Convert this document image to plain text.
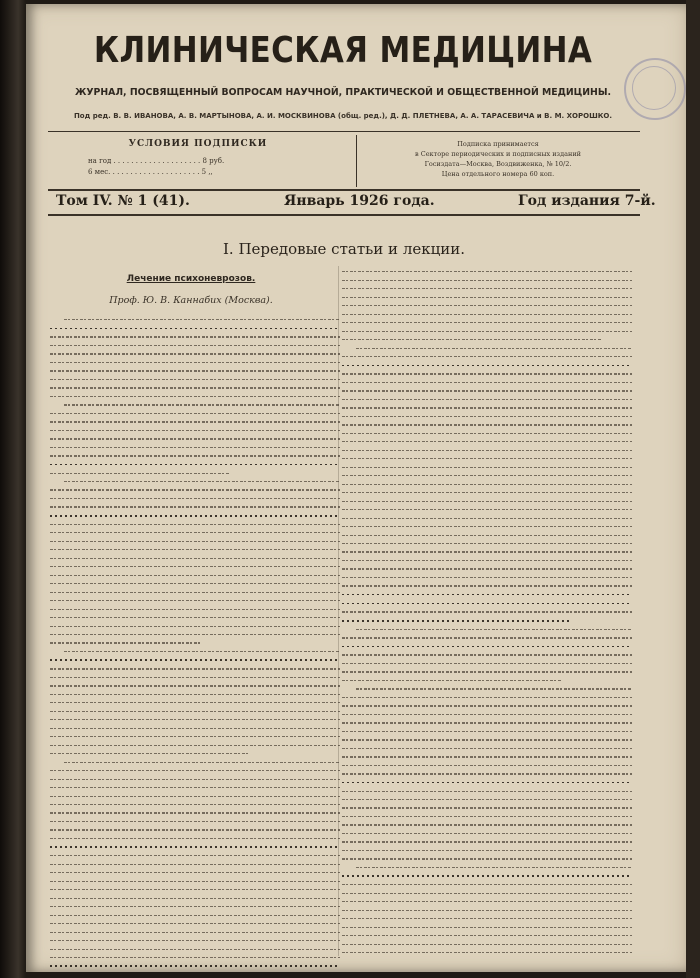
КЛИНИЧЕСКАЯ МЕДИЦИНА
ЖУРНАЛ, ПОСВЯЩЕННЫЙ ВОПРОСАМ НАУЧНОЙ, ПРАКТИЧЕСКОЙ И ОБЩЕСТВЕННОЙ МЕДИЦИНЫ.
Под ред. В. В. ИВАНОВА, А. В. МАРТЫНОВА, А. И. МОСКВИНОВА (общ. ред.), Д. Д. ПЛЕТНЕВА, А. А. ТАРАСЕВИЧА и В. М. ХОРОШКО.
УСЛОВИЯ ПОДПИСКИ
на год . . . . . . . . . . . . . . . . . . . . 8 руб.
6 мес. . . . . . . . . . . . . . . . . . . . . 5 ,,
Подписка принимается
в Секторе периодических и подписных изданий
Госиздата—Москва, Воздвиженка, № 10/2.
Цена отдельного номера 60 коп.
Том IV. № 1 (41).	Январь 1926 года.	Год издания 7-й.
I. Передовые статьи и лекции.
Лечение психоневрозов.
Проф. Ю. В. Каннабих (Москва).
